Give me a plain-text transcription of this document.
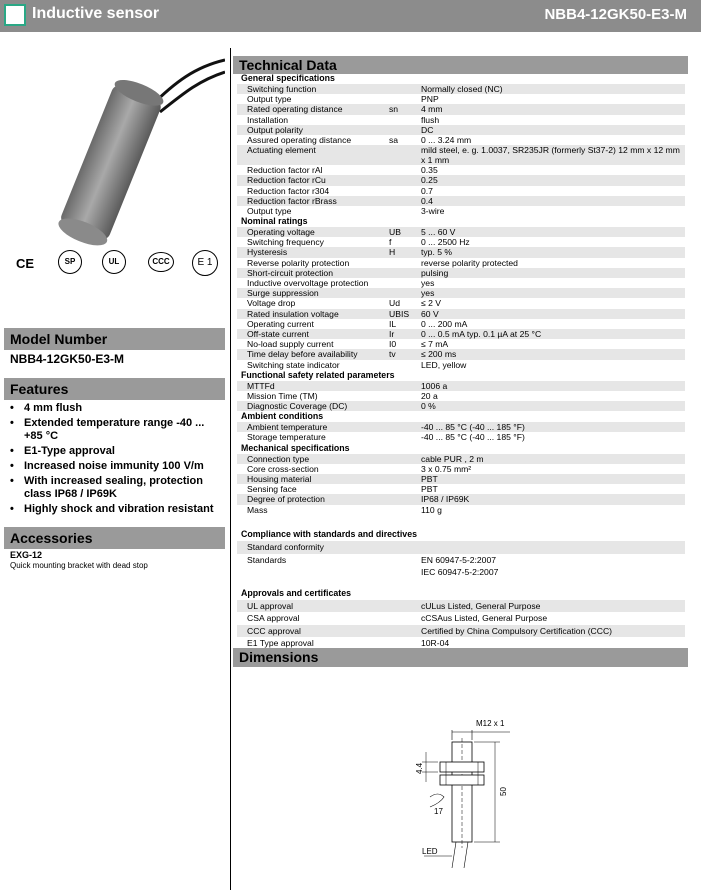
Inductive sensor	NBB4-12GK50-E3-M
C​E	SP	UL	CCC	E 1
Model Number
NBB4-12GK50-E3-M
Features
• 4 mm flush
• Extended temperature range -40 ... +85 °C
• E1-Type approval
• Increased noise immunity 100 V/m
• With increased sealing, protection class IP68 / IP69K
• Highly shock and vibration resistant
Accessories
EXG-12
Quick mounting bracket with dead stop
Technical Data
General specifications
Switching function	Normally closed (NC)
Output type	PNP
Rated operating distance	sn	4 mm
Installation	flush
Output polarity	DC
Assured operating distance	sa	0 ... 3.24 mm
Actuating element	mild steel, e. g. 1.0037, SR235JR (formerly St37-2) 12 mm x 12 mm x 1 mm
Reduction factor rAl	0.35
Reduction factor rCu	0.25
Reduction factor r304	0.7
Reduction factor rBrass	0.4
Output type	3-wire
Nominal ratings
Operating voltage	UB	5 ... 60 V
Switching frequency	f	0 ... 2500 Hz
Hysteresis	H	typ. 5 %
Reverse polarity protection	reverse polarity protected
Short-circuit protection	pulsing
Inductive overvoltage protection	yes
Surge suppression	yes
Voltage drop	Ud	≤ 2 V
Rated insulation voltage	UBIS	60 V
Operating current	IL	0 ... 200 mA
Off-state current	Ir	0 ... 0.5 mA typ. 0.1 µA at 25 °C
No-load supply current	I0	≤ 7 mA
Time delay before availability	tv	≤ 200 ms
Switching state indicator	LED, yellow
Functional safety related parameters
MTTFd	1006 a
Mission Time (TM)	20 a
Diagnostic Coverage (DC)	0 %
Ambient conditions
Ambient temperature	-40 ... 85 °C (-40 ... 185 °F)
Storage temperature	-40 ... 85 °C (-40 ... 185 °F)
Mechanical specifications
Connection type	cable PUR , 2 m
Core cross-section	3 x 0.75 mm²
Housing material	PBT
Sensing face	PBT
Degree of protection	IP68 / IP69K
Mass	110 g
Compliance with standards and directives
Standard conformity
Standards	EN 60947-5-2:2007
IEC 60947-5-2:2007
Approvals and certificates
UL approval	cULus Listed, General Purpose
CSA approval	cCSAus Listed, General Purpose
CCC approval	Certified by China Compulsory Certification (CCC)
E1 Type approval	10R-04
Dimensions
M12 x 1
4.4
50
17
LED
